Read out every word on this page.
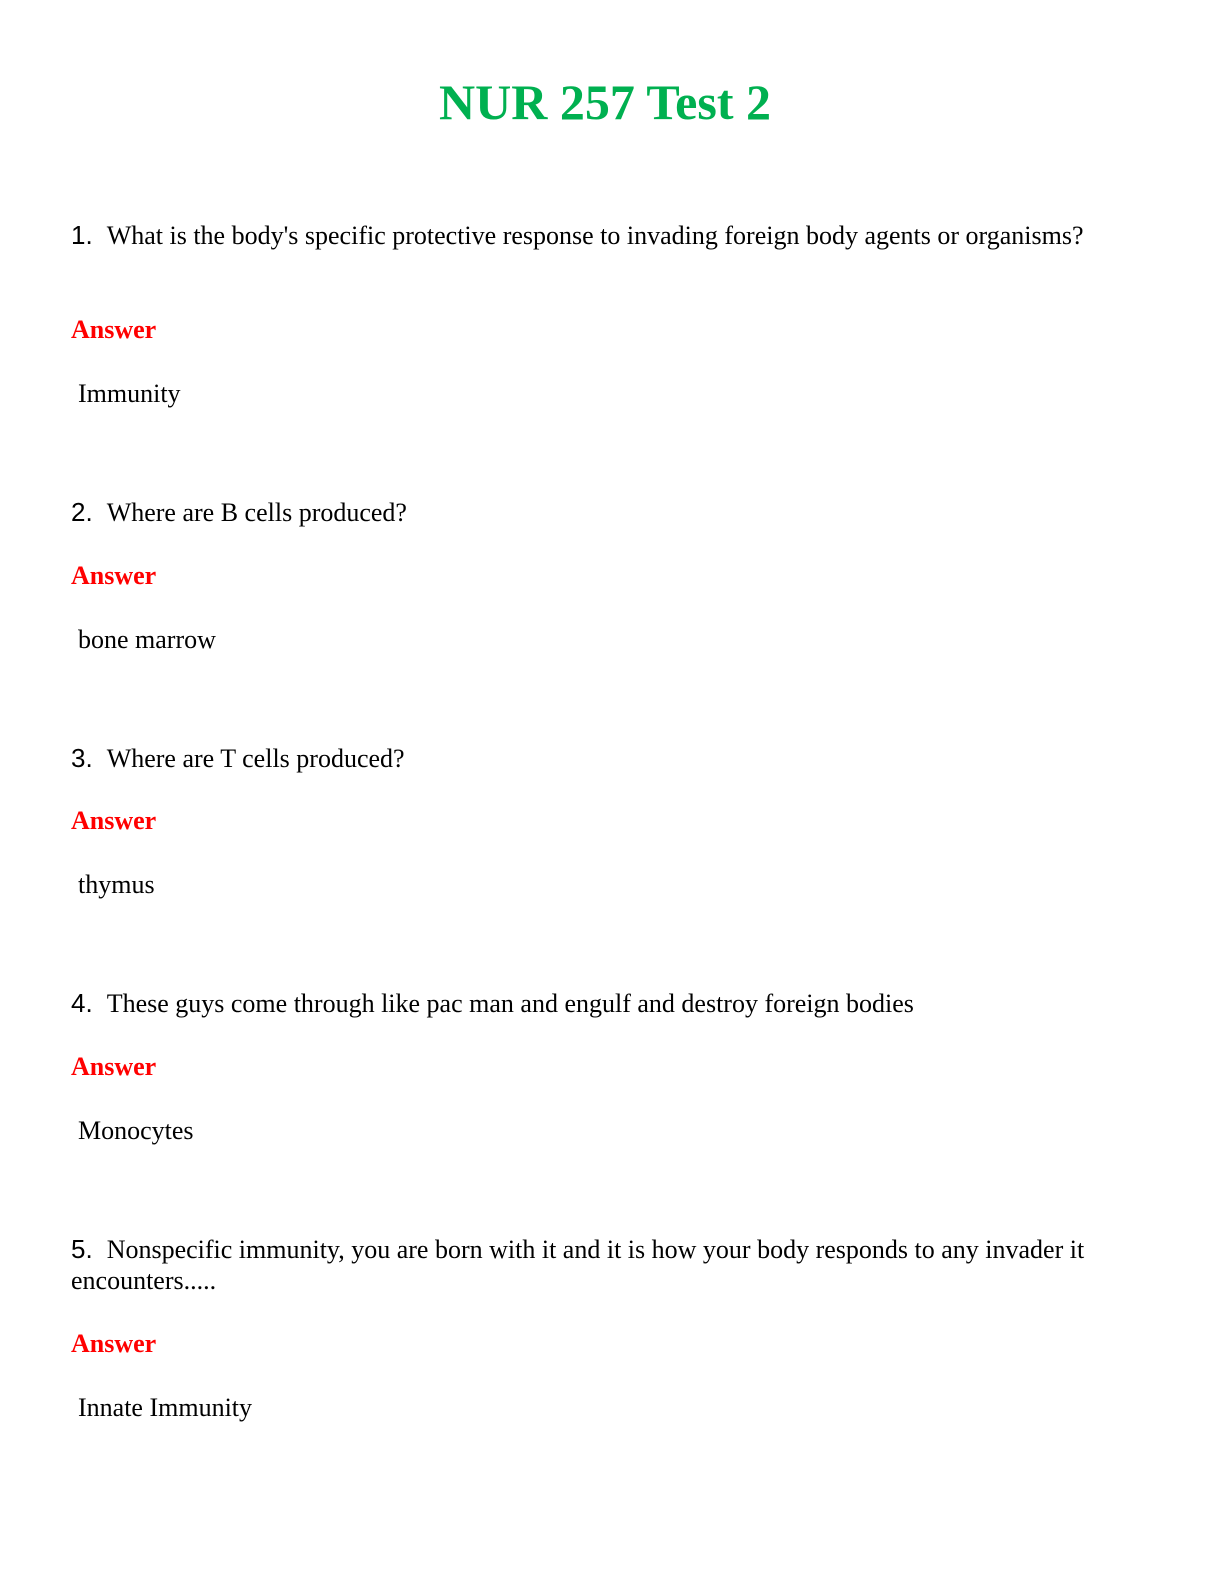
NUR 257 Test 2

1. What is the body's specific protective response to invading foreign body agents or organisms?

Answer

Immunity

2. Where are B cells produced?

Answer

bone marrow

3. Where are T cells produced?

Answer

thymus

4. These guys come through like pac man and engulf and destroy foreign bodies

Answer

Monocytes

5. Nonspecific immunity, you are born with it and it is how your body responds to any invader it encounters.....

Answer

Innate Immunity
